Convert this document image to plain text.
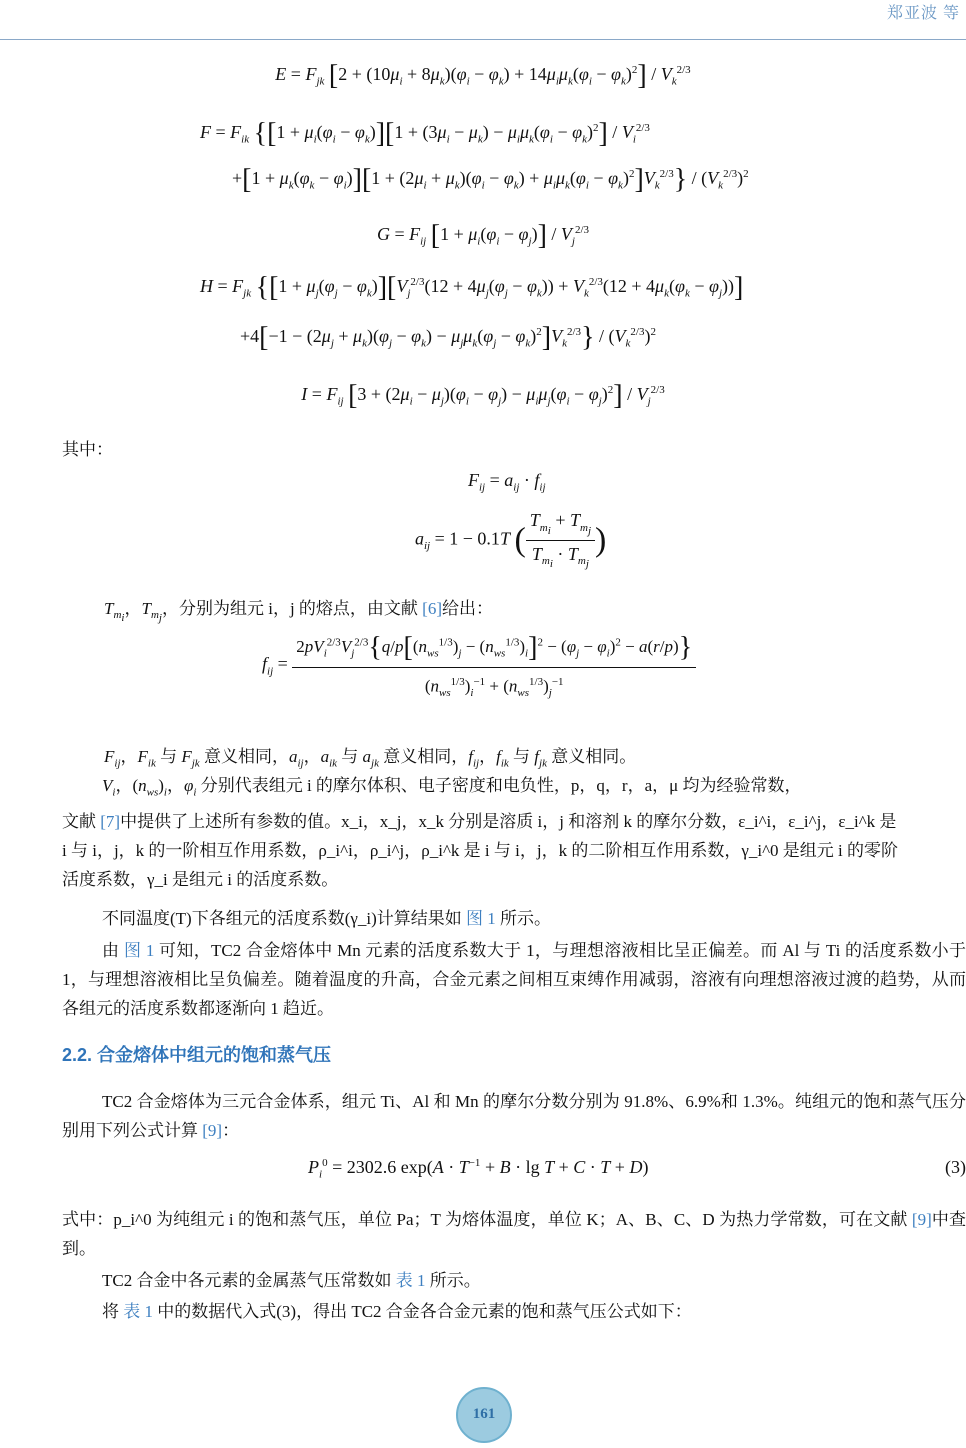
郑亚波 等
$E = F_{jk}$ $[2 + (10\mu_i + 8\mu_k)(\varphi_i - \varphi_k) + 14\mu_i\mu_k(\varphi_i - \varphi_k)^2] / V_k^{2/3}$
$F = F_{ik}$ {$[1 + \mu_i(\varphi_i - \varphi_k)][1 + (3\mu_i - \mu_k) - \mu_i\mu_k(\varphi_i - \varphi_k)^2] / V_i^{2/3}$
$+[1 + \mu_k(\varphi_k - \varphi_i)][1 + (2\mu_i + \mu_k)(\varphi_i - \varphi_k) + \mu_i\mu_k(\varphi_i - \varphi_k)^2]V_k^{2/3}\} / (V_k^{2/3})^2$
$G = F_{ij}$ $[1 + \mu_i(\varphi_i - \varphi_j)] / V_j^{2/3}$
$H = F_{jk}$ {$[1 + \mu_j(\varphi_j - \varphi_k)][V_j^{2/3}(12 + 4\mu_j(\varphi_j - \varphi_k)) + V_k^{2/3}(12 + 4\mu_k(\varphi_k - \varphi_j))]$
$+4[-1 - (2\mu_j + \mu_k)(\varphi_j - \varphi_k) - \mu_j\mu_k(\varphi_j - \varphi_k)^2]V_k^{2/3}\} / (V_k^{2/3})^2$
$I = F_{ij}$ $[3 + (2\mu_i - \mu_j)(\varphi_i - \varphi_j) - \mu_i\mu_j(\varphi_i - \varphi_j)^2] / V_j^{2/3}$
其中：
$F_{ij} = a_{ij} \cdot f_{ij}$
$a_{ij} = 1 - 0.1T$ ( $\frac{T_{m_i} + T_{m_j}}{T_{m_i} \cdot T_{m_j}}$ )
$T_{m_i}$，$T_{m_j}$，分别为组元 i，j 的熔点，由文献 [6]给出：
$f_{ij}$ =
$2pV_i^{2/3}V_j^{2/3}\{q/p[(n_{ws}^{1/3})_j - (n_{ws}^{1/3})_i]^2 - (\varphi_j - \varphi_i)^2 - a(r/p)\}$
$(n_{ws}^{1/3})_i^{-1} + (n_{ws}^{1/3})_j^{-1}$
$F_{ij}$，$F_{ik}$ 与 $F_{jk}$ 意义相同，$a_{ij}$，$a_{ik}$ 与 $a_{jk}$ 意义相同，$f_{ij}$，$f_{ik}$ 与 $f_{jk}$ 意义相同。
$V_i$，$(n_{ws})_i$，$\varphi_i$ 分别代表组元 i 的摩尔体积、电子密度和电负性，p，q，r，a，μ 均为经验常数，
文献 [7]中提供了上述所有参数的值。x_i，x_j，x_k 分别是溶质 i，j 和溶剂 k 的摩尔分数，ε_i^i，ε_i^j，ε_i^k 是
i 与 i，j，k 的一阶相互作用系数，ρ_i^i，ρ_i^j，ρ_i^k 是 i 与 i，j，k 的二阶相互作用系数，γ_i^0 是组元 i 的零阶
活度系数，γ_i 是组元 i 的活度系数。
不同温度(T)下各组元的活度系数(γ_i)计算结果如 图 1 所示。
由 图 1 可知，TC2 合金熔体中 Mn 元素的活度系数大于 1，与理想溶液相比呈正偏差。而 Al 与 Ti 的活度系数小于 1，与理想溶液相比呈负偏差。随着温度的升高，合金元素之间相互束缚作用减弱，溶液有向理想溶液过渡的趋势，从而各组元的活度系数都逐渐向 1 趋近。
2.2. 合金熔体中组元的饱和蒸气压
TC2 合金熔体为三元合金体系，组元 Ti、Al 和 Mn 的摩尔分数分别为 91.8%、6.9%和 1.3%。纯组元的饱和蒸气压分别用下列公式计算 [9]：
$P_i^0 = 2302.6$ $\exp(A \cdot T^{-1} + B \cdot \lg T + C \cdot T + D)$	(3)
式中：p_i^0 为纯组元 i 的饱和蒸气压，单位 Pa；T 为熔体温度，单位 K；A、B、C、D 为热力学常数，可在文献 [9]中查到。
TC2 合金中各元素的金属蒸气压常数如 表 1 所示。
将 表 1 中的数据代入式(3)，得出 TC2 合金各合金元素的饱和蒸气压公式如下：
161
